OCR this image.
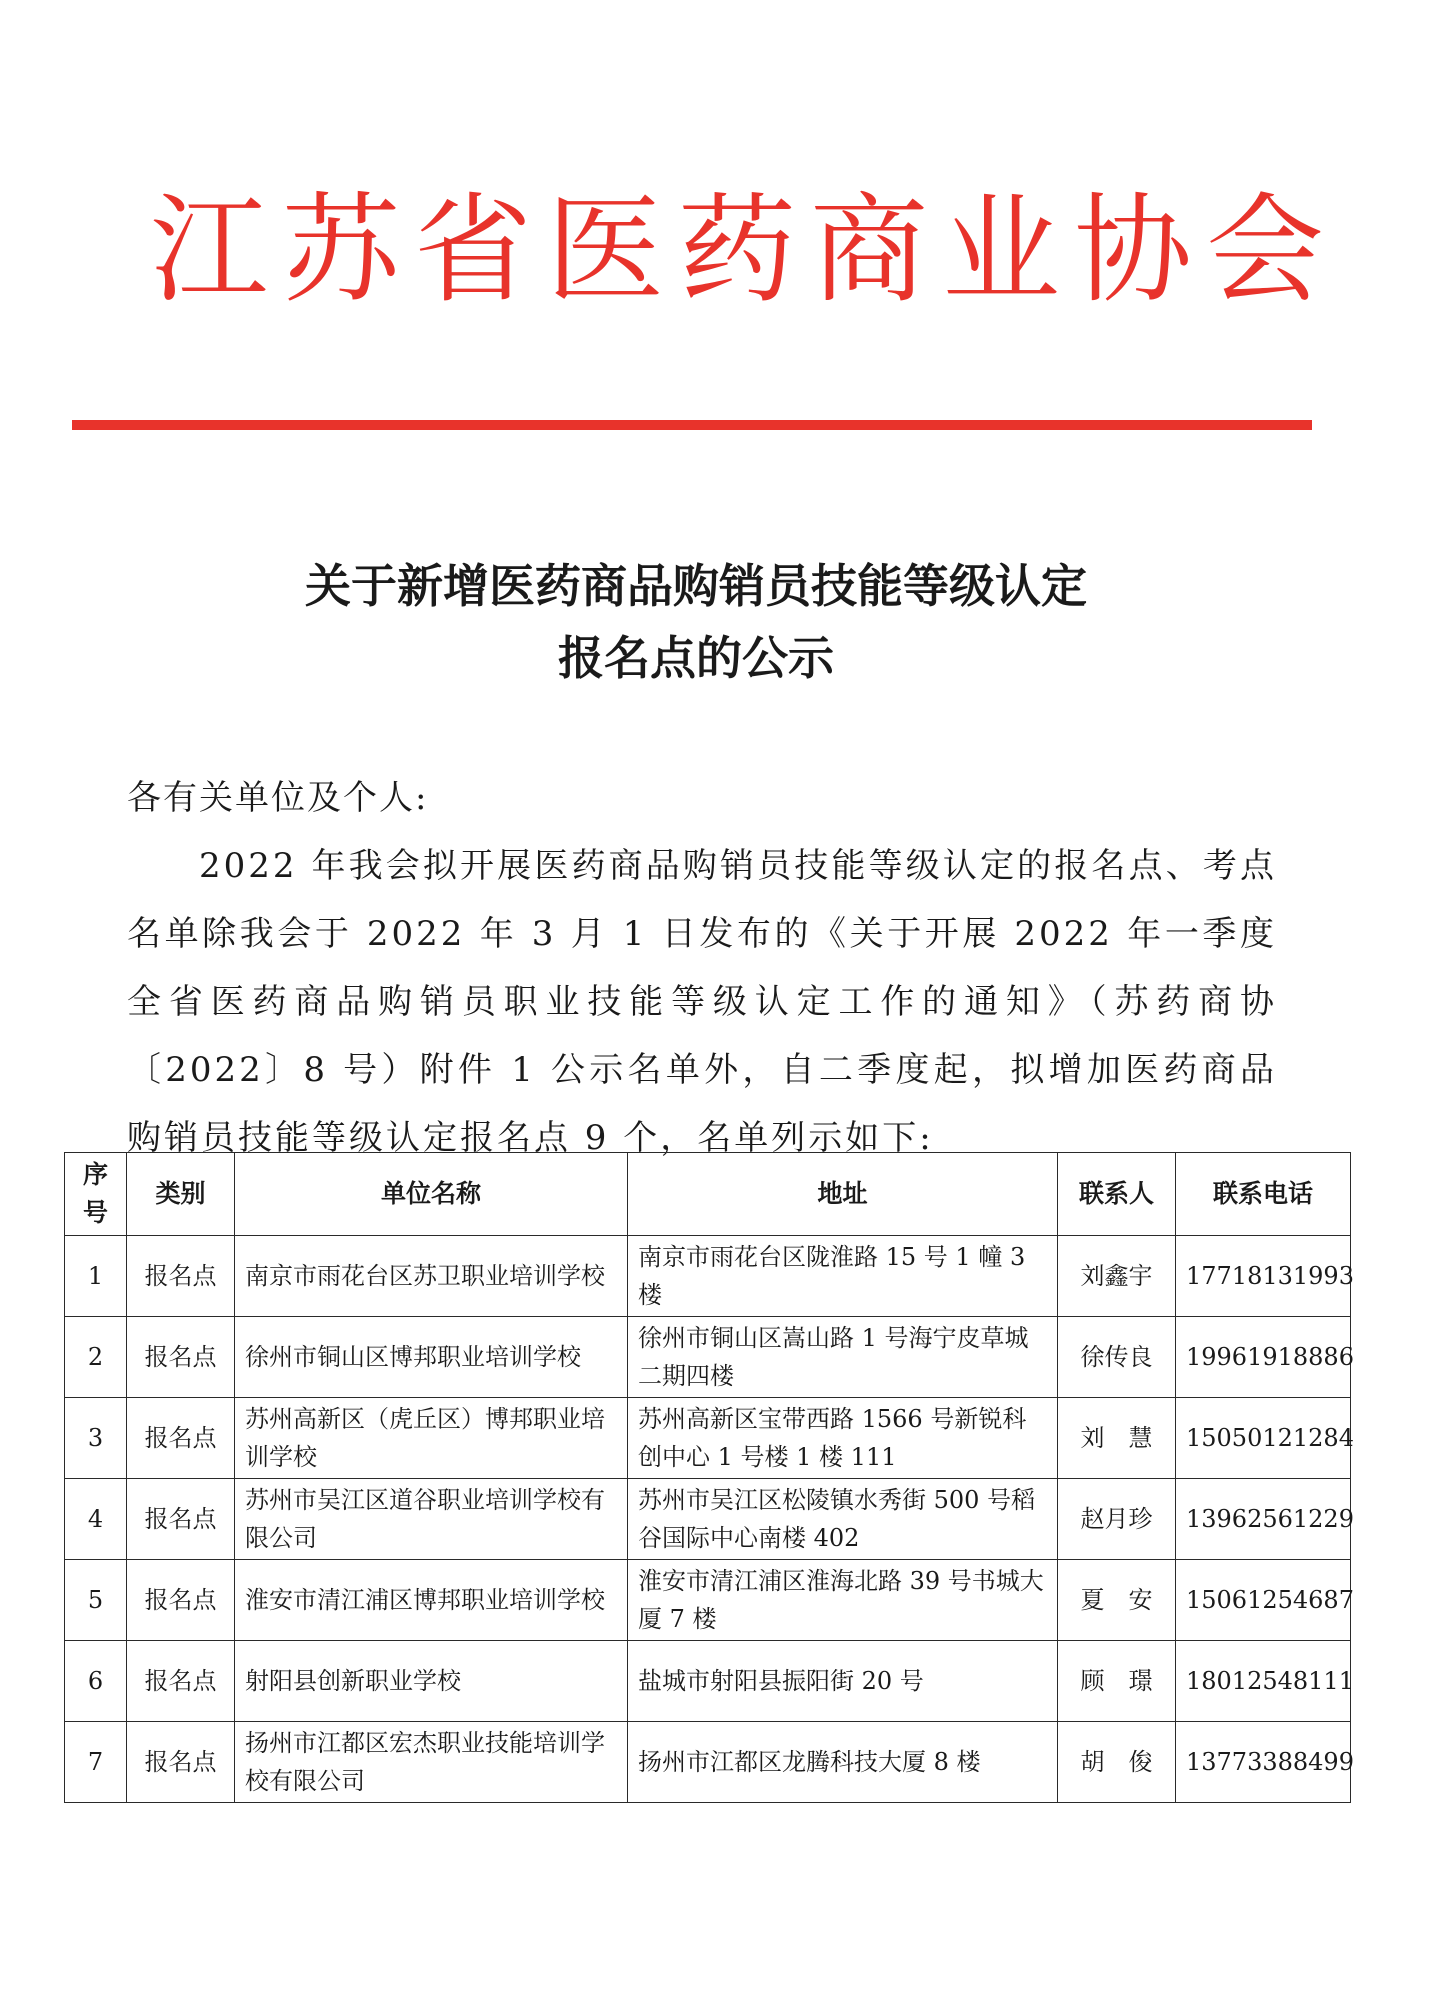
江苏省医药商业协会
关于新增医药商品购销员技能等级认定
报名点的公示
各有关单位及个人:
2022 年我会拟开展医药商品购销员技能等级认定的报名点、考点名单除我会于 2022 年 3 月 1 日发布的《关于开展 2022 年一季度全省医药商品购销员职业技能等级认定工作的通知》（苏药商协〔2022〕8 号）附件 1 公示名单外，自二季度起，拟增加医药商品购销员技能等级认定报名点 9 个，名单列示如下:
序号	类别	单位名称	地址	联系人	联系电话
1	报名点	南京市雨花台区苏卫职业培训学校	南京市雨花台区陇淮路 15 号 1 幢 3 楼	刘鑫宇	17718131993
2	报名点	徐州市铜山区博邦职业培训学校	徐州市铜山区嵩山路 1 号海宁皮草城二期四楼	徐传良	19961918886
3	报名点	苏州高新区（虎丘区）博邦职业培训学校	苏州高新区宝带西路 1566 号新锐科创中心 1 号楼 1 楼 111	刘　慧	15050121284
4	报名点	苏州市吴江区道谷职业培训学校有限公司	苏州市吴江区松陵镇水秀街 500 号稻谷国际中心南楼 402	赵月珍	13962561229
5	报名点	淮安市清江浦区博邦职业培训学校	淮安市清江浦区淮海北路 39 号书城大厦 7 楼	夏　安	15061254687
6	报名点	射阳县创新职业学校	盐城市射阳县振阳街 20 号	顾　璟	18012548111
7	报名点	扬州市江都区宏杰职业技能培训学校有限公司	扬州市江都区龙腾科技大厦 8 楼	胡　俊	13773388499
